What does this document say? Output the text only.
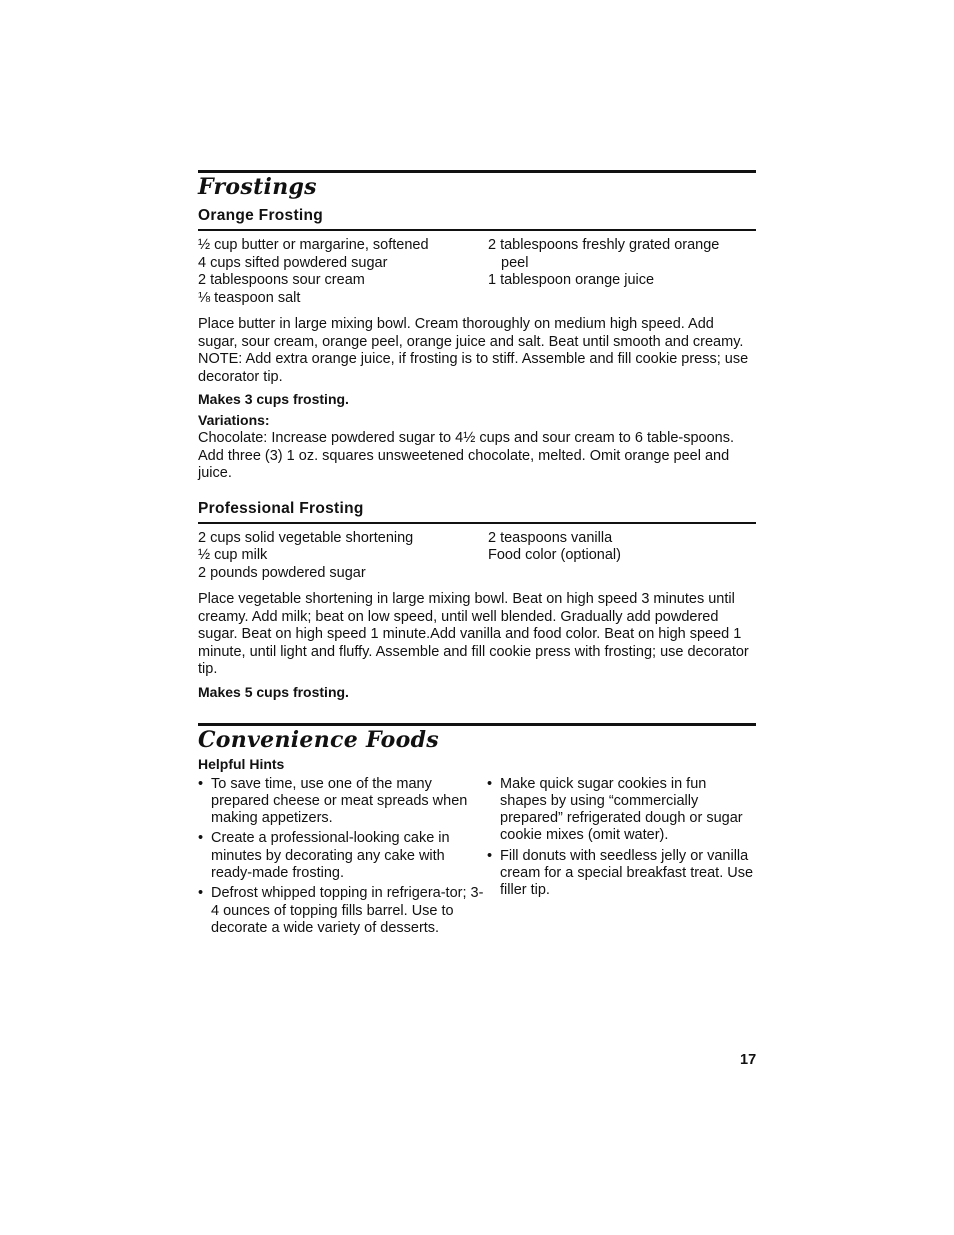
Frostings
Orange Frosting
½ cup butter or margarine, softened
4 cups sifted powdered sugar
2 tablespoons sour cream
⅛ teaspoon salt
2 tablespoons freshly grated orange
peel
1 tablespoon orange juice

Place butter in large mixing bowl. Cream thoroughly on medium high speed. Add sugar, sour cream, orange peel, orange juice and salt. Beat until smooth and creamy. NOTE: Add extra orange juice, if frosting is to stiff. Assemble and fill cookie press; use decorator tip.

Makes 3 cups frosting.

Variations:

Chocolate: Increase powdered sugar to 4½ cups and sour cream to 6 table-spoons. Add three (3) 1 oz. squares unsweetened chocolate, melted. Omit orange peel and juice.

Professional Frosting
2 cups solid vegetable shortening
½ cup milk
2 pounds powdered sugar
2 teaspoons vanilla
Food color (optional)

Place vegetable shortening in large mixing bowl. Beat on high speed 3 minutes until creamy. Add milk; beat on low speed, until well blended. Gradually add powdered sugar. Beat on high speed 1 minute.Add vanilla and food color. Beat on high speed 1 minute, until light and fluffy. Assemble and fill cookie press with frosting; use decorator tip.

Makes 5 cups frosting.

Convenience Foods

Helpful Hints

• To save time, use one of the many prepared cheese or meat spreads when making appetizers.
• Create a professional-looking cake in minutes by decorating any cake with ready-made frosting.
• Defrost whipped topping in refrigera-tor; 3-4 ounces of topping fills barrel. Use to decorate a wide variety of desserts.
• Make quick sugar cookies in fun shapes by using “commercially prepared” refrigerated dough or sugar cookie mixes (omit water).
• Fill donuts with seedless jelly or vanilla cream for a special breakfast treat. Use filler tip.
17
